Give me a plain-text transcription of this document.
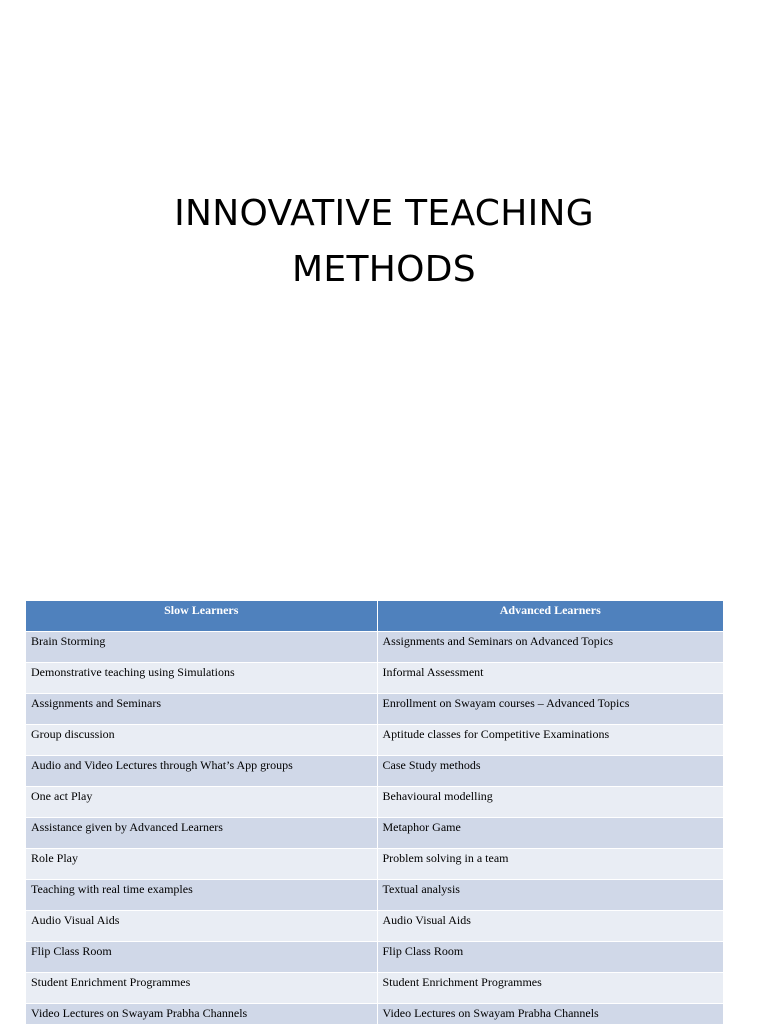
INNOVATIVE TEACHING
METHODS
Slow Learners	Advanced Learners
Brain Storming	Assignments and Seminars on Advanced Topics
Demonstrative teaching using Simulations	Informal Assessment
Assignments and Seminars	Enrollment on Swayam courses – Advanced Topics
Group discussion	Aptitude classes for Competitive Examinations
Audio and Video Lectures through What’s App groups	Case Study methods
One act Play	Behavioural modelling
Assistance given by Advanced Learners	Metaphor Game
Role Play	Problem solving in a team
Teaching with real time examples	Textual analysis
Audio Visual Aids	Audio Visual Aids
Flip Class Room	Flip Class Room
Student Enrichment Programmes	Student Enrichment Programmes
Video Lectures on Swayam Prabha Channels	Video Lectures on Swayam Prabha Channels
